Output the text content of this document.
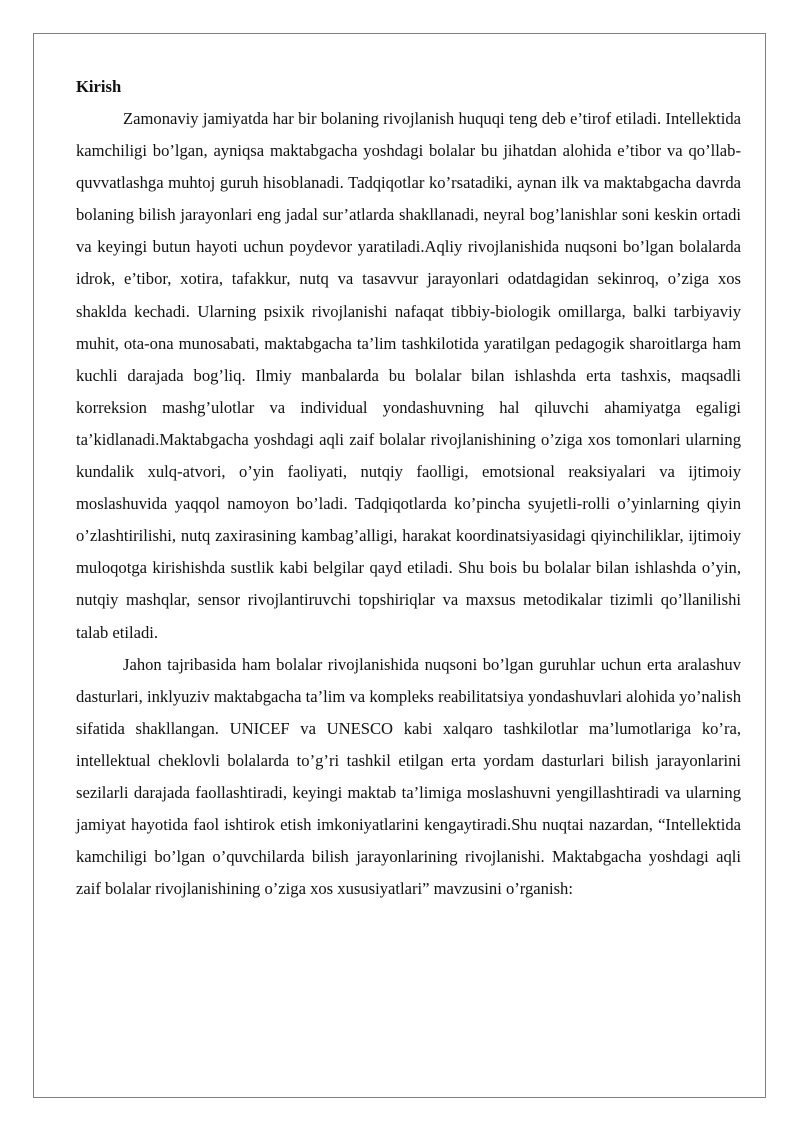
Kirish

Zamonaviy jamiyatda har bir bolaning rivojlanish huquqi teng deb e’tirof etiladi. Intellektida kamchiligi bo’lgan, ayniqsa maktabgacha yoshdagi bolalar bu jihatdan alohida e’tibor va qo’llab-quvvatlashga muhtoj guruh hisoblanadi. Tadqiqotlar ko’rsatadiki, aynan ilk va maktabgacha davrda bolaning bilish jarayonlari eng jadal sur’atlarda shakllanadi, neyral bog’lanishlar soni keskin ortadi va keyingi butun hayoti uchun poydevor yaratiladi.Aqliy rivojlanishida nuqsoni bo’lgan bolalarda idrok, e’tibor, xotira, tafakkur, nutq va tasavvur jarayonlari odatdagidan sekinroq, o’ziga xos shaklda kechadi. Ularning psixik rivojlanishi nafaqat tibbiy-biologik omillarga, balki tarbiyaviy muhit, ota-ona munosabati, maktabgacha ta’lim tashkilotida yaratilgan pedagogik sharoitlarga ham kuchli darajada bog’liq. Ilmiy manbalarda bu bolalar bilan ishlashda erta tashxis, maqsadli korreksion mashg’ulotlar va individual yondashuvning hal qiluvchi ahamiyatga egaligi ta’kidlanadi.Maktabgacha yoshdagi aqli zaif bolalar rivojlanishining o’ziga xos tomonlari ularning kundalik xulq-atvori, o’yin faoliyati, nutqiy faolligi, emotsional reaksiyalari va ijtimoiy moslashuvida yaqqol namoyon bo’ladi. Tadqiqotlarda ko’pincha syujetli-rolli o’yinlarning qiyin o’zlashtirilishi, nutq zaxirasining kambag’alligi, harakat koordinatsiyasidagi qiyinchiliklar, ijtimoiy muloqotga kirishishda sustlik kabi belgilar qayd etiladi. Shu bois bu bolalar bilan ishlashda o’yin, nutqiy mashqlar, sensor rivojlantiruvchi topshiriqlar va maxsus metodikalar tizimli qo’llanilishi talab etiladi.

Jahon tajribasida ham bolalar rivojlanishida nuqsoni bo’lgan guruhlar uchun erta aralashuv dasturlari, inklyuziv maktabgacha ta’lim va kompleks reabilitatsiya yondashuvlari alohida yo’nalish sifatida shakllangan. UNICEF va UNESCO kabi xalqaro tashkilotlar ma’lumotlariga ko’ra, intellektual cheklovli bolalarda to’g’ri tashkil etilgan erta yordam dasturlari bilish jarayonlarini sezilarli darajada faollashtiradi, keyingi maktab ta’limiga moslashuvni yengillashtiradi va ularning jamiyat hayotida faol ishtirok etish imkoniyatlarini kengaytiradi.Shu nuqtai nazardan, “Intellektida kamchiligi bo’lgan o’quvchilarda bilish jarayonlarining rivojlanishi. Maktabgacha yoshdagi aqli zaif bolalar rivojlanishining o’ziga xos xususiyatlari” mavzusini o’rganish:
